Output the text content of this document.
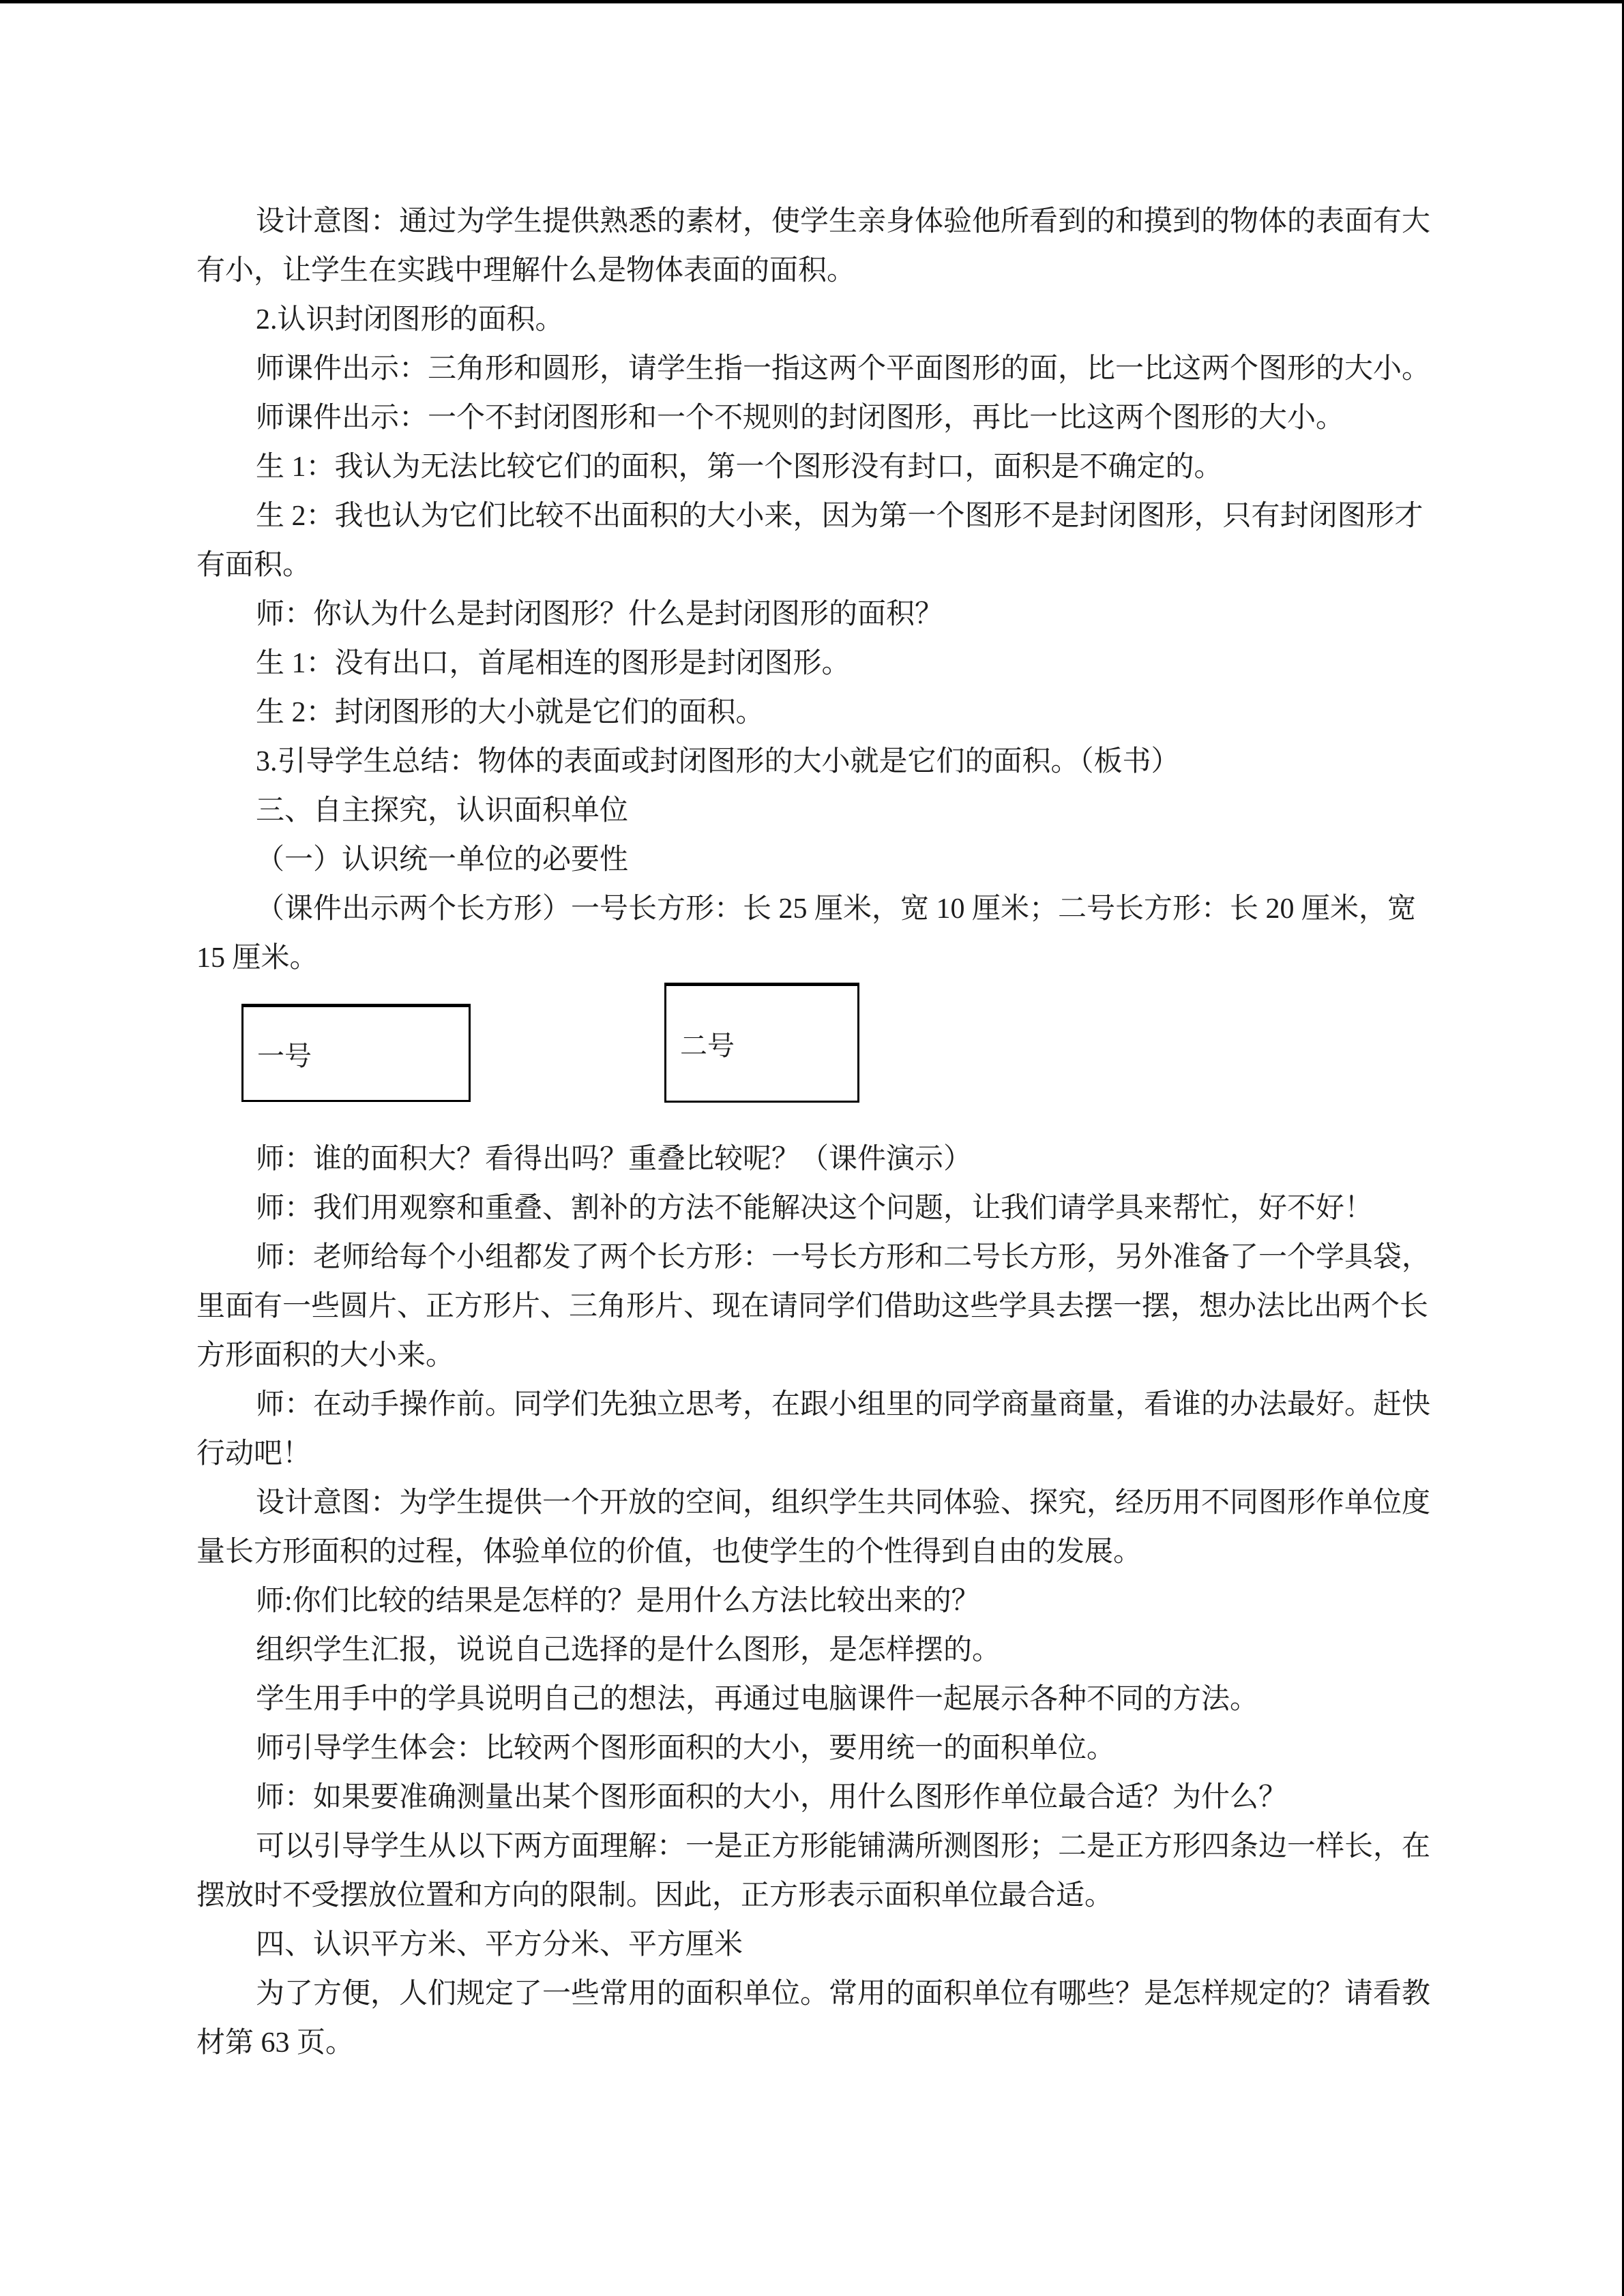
设计意图：通过为学生提供熟悉的素材，使学生亲身体验他所看到的和摸到的物体的表面有大
有小，让学生在实践中理解什么是物体表面的面积。
2.认识封闭图形的面积。
师课件出示：三角形和圆形，请学生指一指这两个平面图形的面，比一比这两个图形的大小。
师课件出示：一个不封闭图形和一个不规则的封闭图形，再比一比这两个图形的大小。
生 1：我认为无法比较它们的面积，第一个图形没有封口，面积是不确定的。
生 2：我也认为它们比较不出面积的大小来，因为第一个图形不是封闭图形，只有封闭图形才
有面积。
师：你认为什么是封闭图形？什么是封闭图形的面积？
生 1：没有出口，首尾相连的图形是封闭图形。
生 2：封闭图形的大小就是它们的面积。
3.引导学生总结：物体的表面或封闭图形的大小就是它们的面积。（板书）
三、自主探究，认识面积单位
（一）认识统一单位的必要性
（课件出示两个长方形）一号长方形：长 25 厘米，宽 10 厘米；二号长方形：长 20 厘米，宽
15 厘米。
一号	二号
师：谁的面积大？看得出吗？重叠比较呢？（课件演示）
师：我们用观察和重叠、割补的方法不能解决这个问题，让我们请学具来帮忙，好不好！
师：老师给每个小组都发了两个长方形：一号长方形和二号长方形，另外准备了一个学具袋，
里面有一些圆片、正方形片、三角形片、现在请同学们借助这些学具去摆一摆，想办法比出两个长
方形面积的大小来。
师：在动手操作前。同学们先独立思考，在跟小组里的同学商量商量，看谁的办法最好。赶快
行动吧！
设计意图：为学生提供一个开放的空间，组织学生共同体验、探究，经历用不同图形作单位度
量长方形面积的过程，体验单位的价值，也使学生的个性得到自由的发展。
师:你们比较的结果是怎样的？是用什么方法比较出来的？
组织学生汇报，说说自己选择的是什么图形，是怎样摆的。
学生用手中的学具说明自己的想法，再通过电脑课件一起展示各种不同的方法。
师引导学生体会：比较两个图形面积的大小，要用统一的面积单位。
师：如果要准确测量出某个图形面积的大小，用什么图形作单位最合适？为什么？
可以引导学生从以下两方面理解：一是正方形能铺满所测图形；二是正方形四条边一样长，在
摆放时不受摆放位置和方向的限制。因此，正方形表示面积单位最合适。
四、认识平方米、平方分米、平方厘米
为了方便，人们规定了一些常用的面积单位。常用的面积单位有哪些？是怎样规定的？请看教
材第 63 页。
